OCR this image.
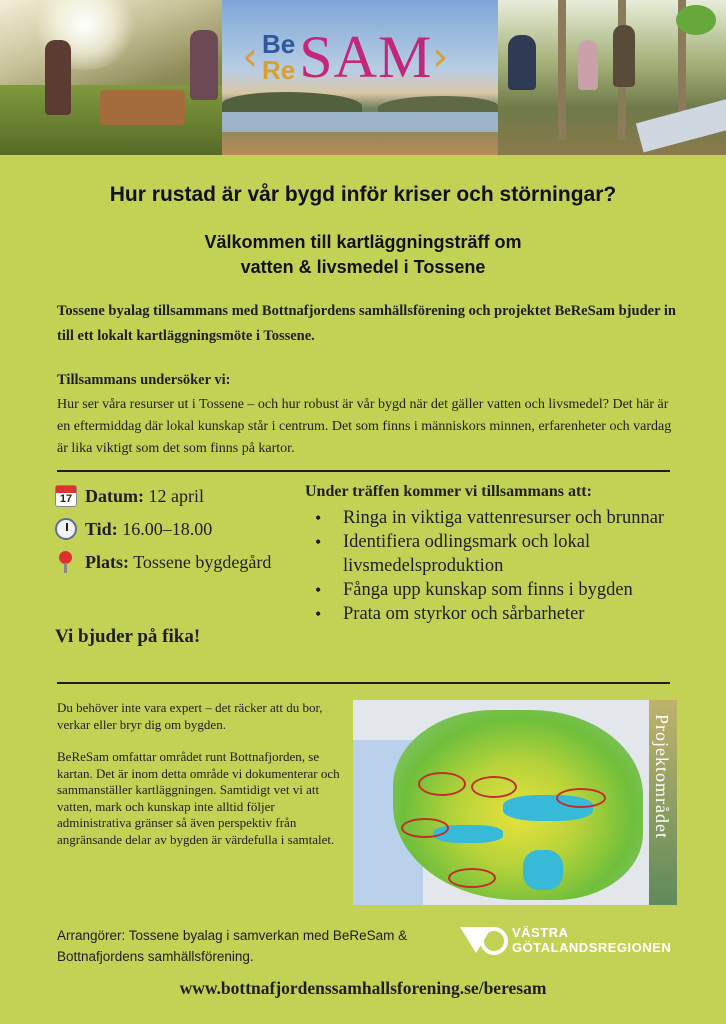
‹ Be
Re SAM ›
Hur rustad är vår bygd inför kriser och störningar?
Välkommen till kartläggningsträff om
vatten & livsmedel i Tossene
Tossene byalag tillsammans med Bottnafjordens samhällsförening och projektet BeReSam bjuder in till ett lokalt kartläggningsmöte i Tossene.
Tillsammans undersöker vi:
Hur ser våra resurser ut i Tossene – och hur robust är vår bygd när det gäller vatten och livsmedel? Det här är en eftermiddag där lokal kunskap står i centrum. Det som finns i människors minnen, erfarenheter och vardag är lika viktigt som det som finns på kartor.
17 Datum: 12 april
Tid: 16.00–18.00
Plats: Tossene bygdegård
Vi bjuder på fika!
Under träffen kommer vi tillsammans att:
• Ringa in viktiga vattenresurser och brunnar
• Identifiera odlingsmark och lokal livsmedelsproduktion
• Fånga upp kunskap som finns i bygden
• Prata om styrkor och sårbarheter

Du behöver inte vara expert – det räcker att du bor, verkar eller bryr dig om bygden.

BeReSam omfattar området runt Bottnafjorden, se kartan. Det är inom detta område vi dokumenterar och sammanställer kartläggningen. Samtidigt vet vi att vatten, mark och kunskap inte alltid följer administrativa gränser så även perspektiv från angränsande delar av bygden är värdefulla i samtalet.

Projektområdet
Arrangörer: Tossene byalag i samverkan med BeReSam & Bottnafjordens samhällsförening.
VÄSTRA
GÖTALANDSREGIONEN
www.bottnafjordenssamhallsforening.se/beresam
